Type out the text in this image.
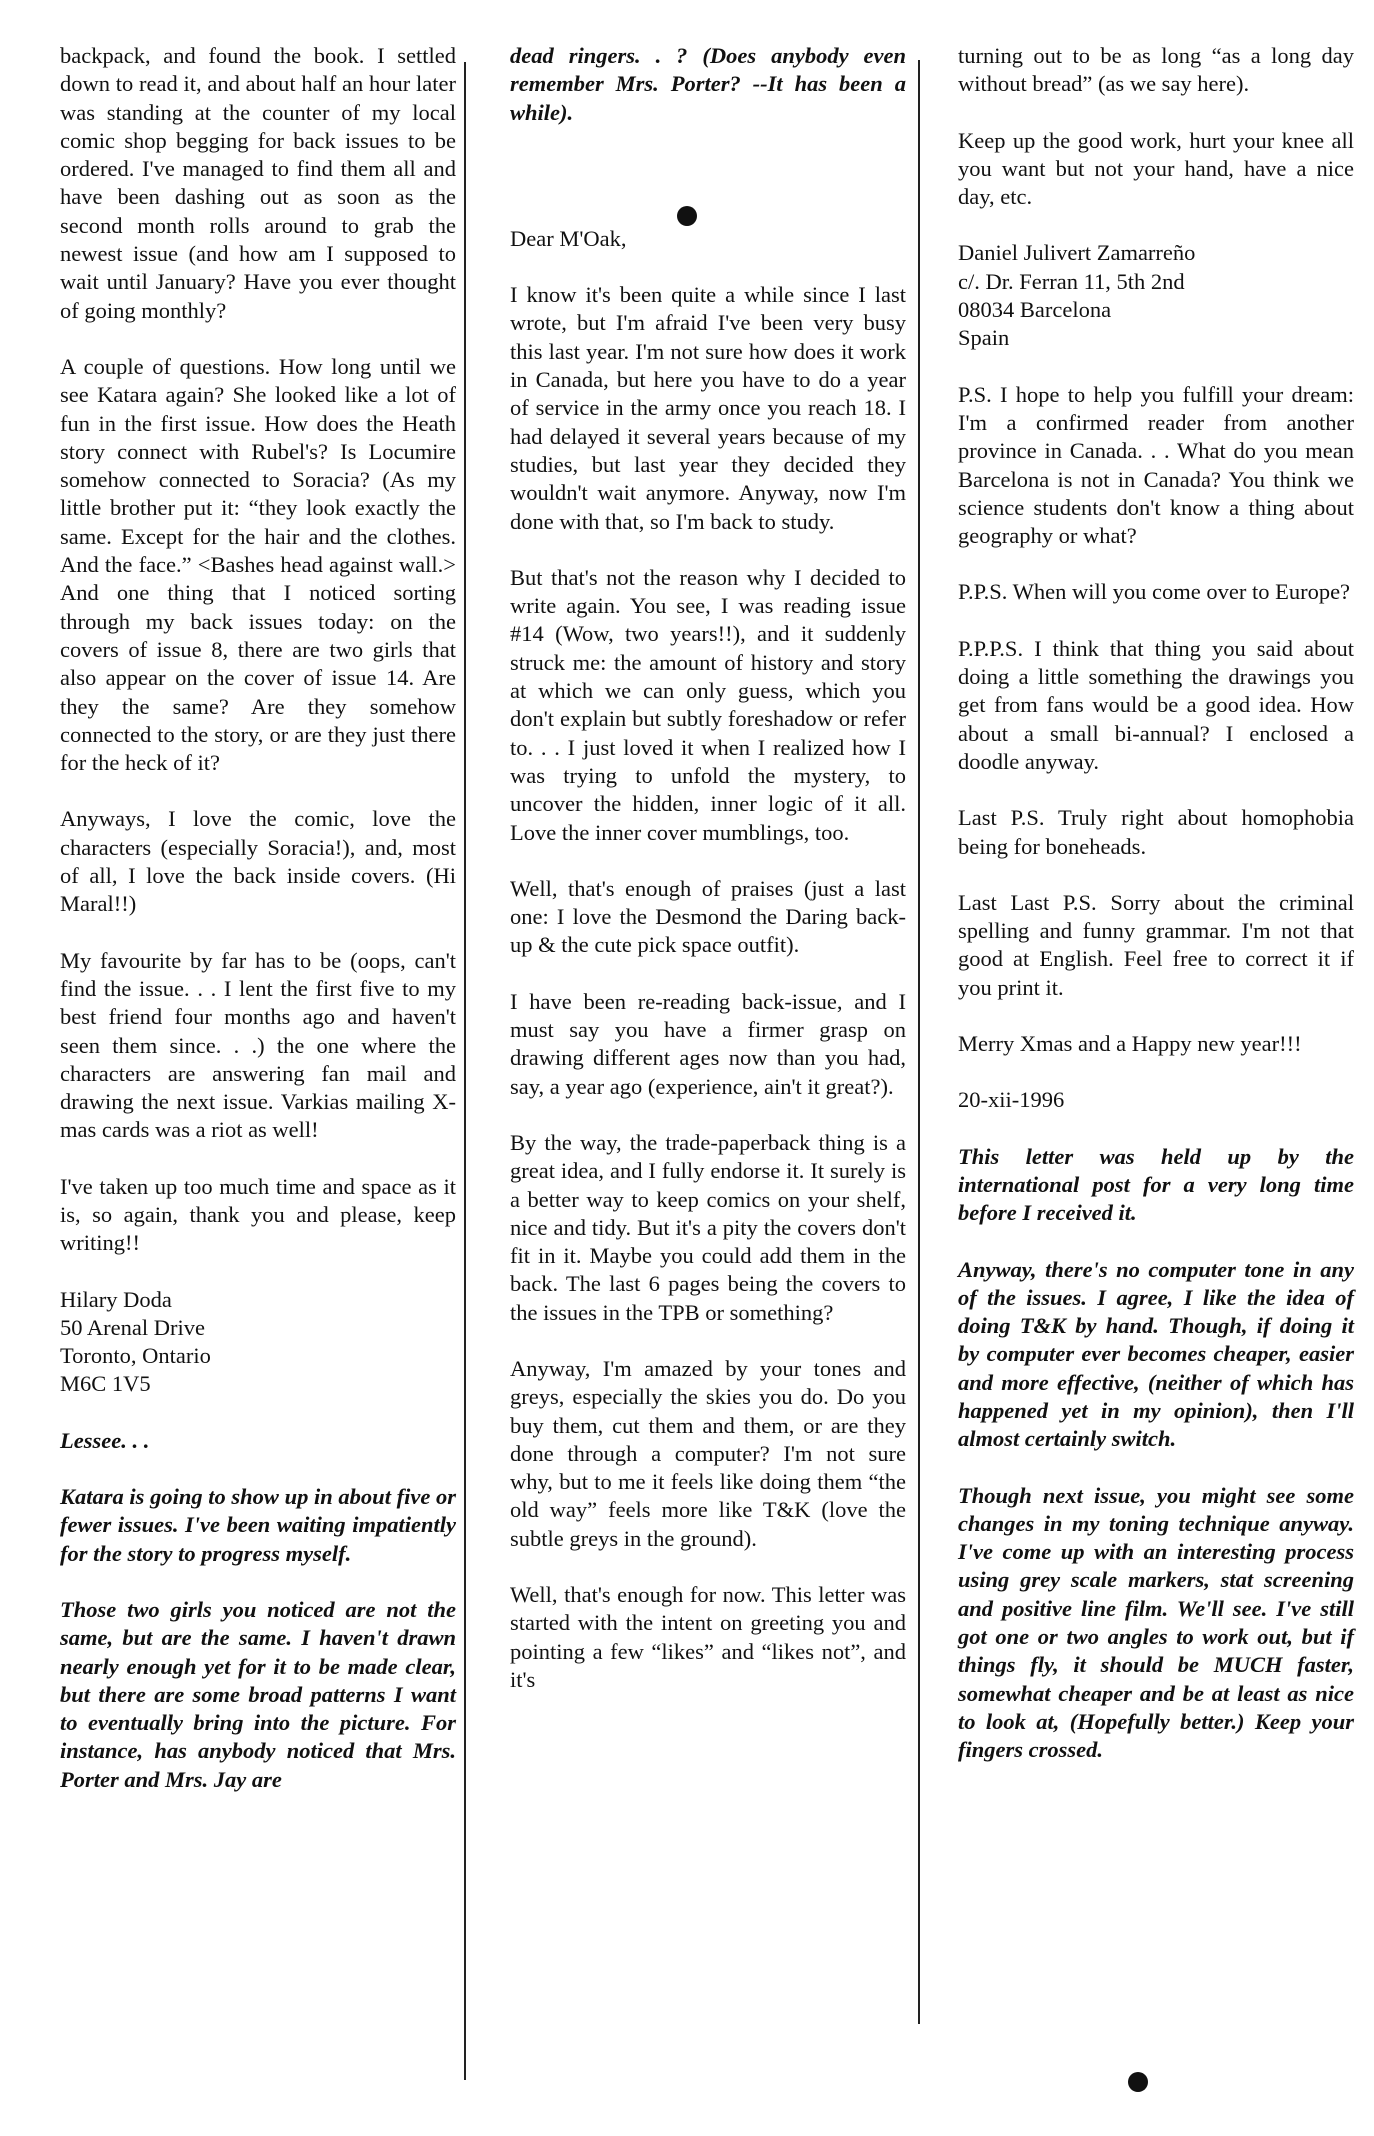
backpack, and found the book. I settled down to read it, and about half an hour later was standing at the counter of my local comic shop begging for back issues to be ordered. I've managed to find them all and have been dashing out as soon as the second month rolls around to grab the newest issue (and how am I supposed to wait until January? Have you ever thought of going monthly?

A couple of questions. How long until we see Katara again? She looked like a lot of fun in the first issue. How does the Heath story connect with Rubel's? Is Locumire somehow connected to Soracia? (As my little brother put it: “they look exactly the same. Except for the hair and the clothes. And the face.” <Bashes head against wall.> And one thing that I noticed sorting through my back issues today: on the covers of issue 8, there are two girls that also appear on the cover of issue 14. Are they the same? Are they somehow connected to the story, or are they just there for the heck of it?

Anyways, I love the comic, love the characters (especially Soracia!), and, most of all, I love the back inside covers. (Hi Maral!!)

My favourite by far has to be (oops, can't find the issue. . . I lent the first five to my best friend four months ago and haven't seen them since. . .) the one where the characters are answering fan mail and drawing the next issue. Varkias mailing X-mas cards was a riot as well!

I've taken up too much time and space as it is, so again, thank you and please, keep writing!!

Hilary Doda
50 Arenal Drive
Toronto, Ontario
M6C 1V5

Lessee. . .

Katara is going to show up in about five or fewer issues. I've been waiting impatiently for the story to progress myself.

Those two girls you noticed are not the same, but are the same. I haven't drawn nearly enough yet for it to be made clear, but there are some broad patterns I want to eventually bring into the picture. For instance, has anybody noticed that Mrs. Porter and Mrs. Jay are

dead ringers. . ? (Does anybody even remember Mrs. Porter? --It has been a while).

Dear M'Oak,

I know it's been quite a while since I last wrote, but I'm afraid I've been very busy this last year. I'm not sure how does it work in Canada, but here you have to do a year of service in the army once you reach 18. I had delayed it several years because of my studies, but last year they decided they wouldn't wait anymore. Anyway, now I'm done with that, so I'm back to study.

But that's not the reason why I decided to write again. You see, I was reading issue #14 (Wow, two years!!), and it suddenly struck me: the amount of history and story at which we can only guess, which you don't explain but subtly foreshadow or refer to. . . I just loved it when I realized how I was trying to unfold the mystery, to uncover the hidden, inner logic of it all. Love the inner cover mumblings, too.

Well, that's enough of praises (just a last one: I love the Desmond the Daring back-up & the cute pick space outfit).

I have been re-reading back-issue, and I must say you have a firmer grasp on drawing different ages now than you had, say, a year ago (experience, ain't it great?).

By the way, the trade-paperback thing is a great idea, and I fully endorse it. It surely is a better way to keep comics on your shelf, nice and tidy. But it's a pity the covers don't fit in it. Maybe you could add them in the back. The last 6 pages being the covers to the issues in the TPB or something?

Anyway, I'm amazed by your tones and greys, especially the skies you do. Do you buy them, cut them and them, or are they done through a computer? I'm not sure why, but to me it feels like doing them “the old way” feels more like T&K (love the subtle greys in the ground).

Well, that's enough for now. This letter was started with the intent on greeting you and pointing a few “likes” and “likes not”, and it's

turning out to be as long “as a long day without bread” (as we say here).

Keep up the good work, hurt your knee all you want but not your hand, have a nice day, etc.

Daniel Julivert Zamarreño
c/. Dr. Ferran 11, 5th 2nd
08034 Barcelona
Spain

P.S. I hope to help you fulfill your dream: I'm a confirmed reader from another province in Canada. . . What do you mean Barcelona is not in Canada? You think we science students don't know a thing about geography or what?

P.P.S. When will you come over to Europe?

P.P.P.S. I think that thing you said about doing a little something the drawings you get from fans would be a good idea. How about a small bi-annual? I enclosed a doodle anyway.

Last P.S. Truly right about homophobia being for boneheads.

Last Last P.S. Sorry about the criminal spelling and funny grammar. I'm not that good at English. Feel free to correct it if you print it.

Merry Xmas and a Happy new year!!!

20-xii-1996

This letter was held up by the international post for a very long time before I received it.

Anyway, there's no computer tone in any of the issues. I agree, I like the idea of doing T&K by hand. Though, if doing it by computer ever becomes cheaper, easier and more effective, (neither of which has happened yet in my opinion), then I'll almost certainly switch.

Though next issue, you might see some changes in my toning technique anyway. I've come up with an interesting process using grey scale markers, stat screening and positive line film. We'll see. I've still got one or two angles to work out, but if things fly, it should be MUCH faster, somewhat cheaper and be at least as nice to look at, (Hopefully better.) Keep your fingers crossed.
